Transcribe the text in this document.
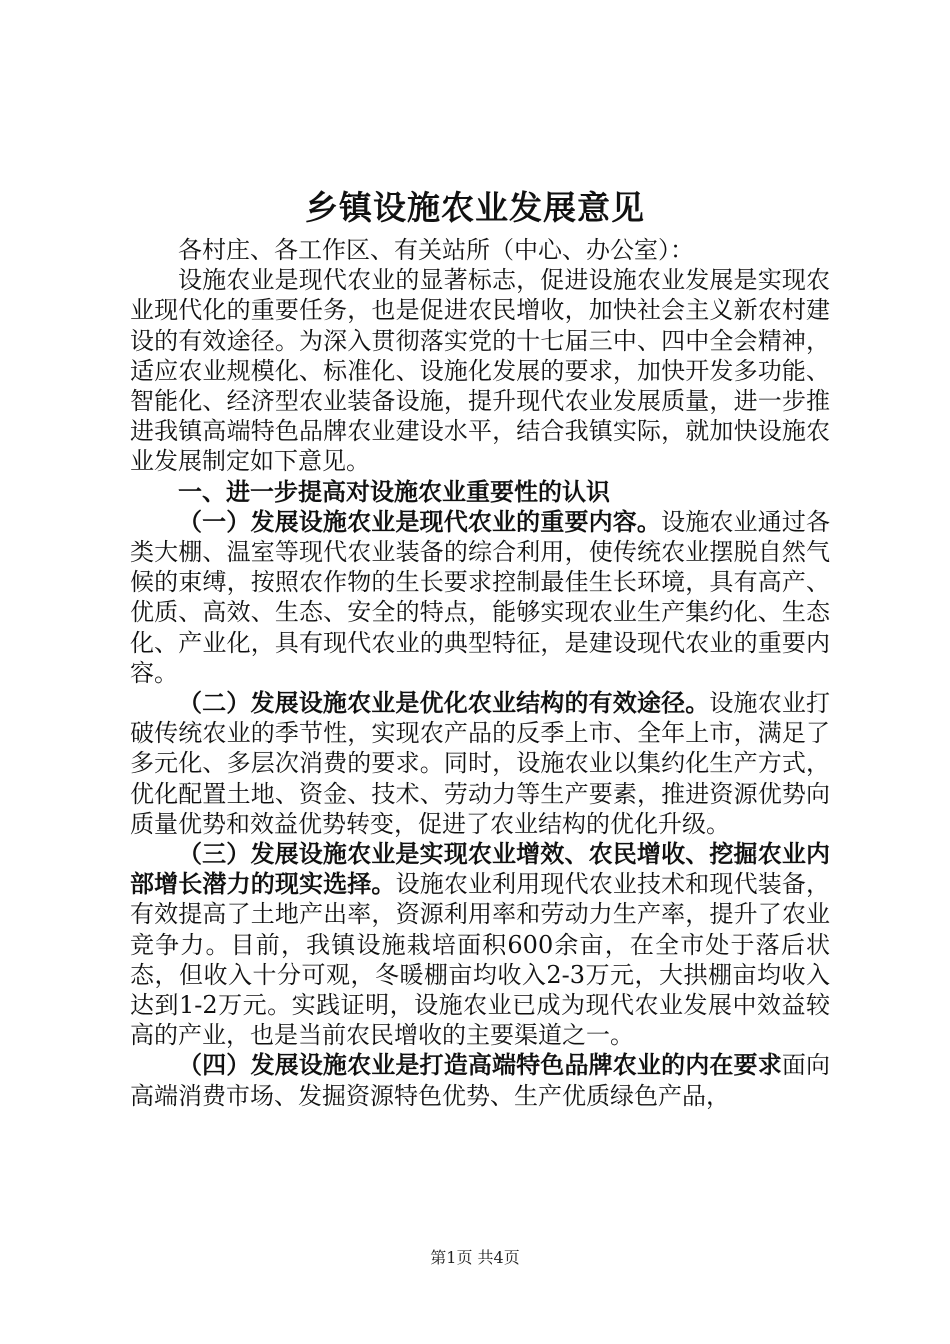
乡镇设施农业发展意见

各村庄、各工作区、有关站所（中心、办公室）：

设施农业是现代农业的显著标志，促进设施农业发展是实现农业现代化的重要任务，也是促进农民增收，加快社会主义新农村建设的有效途径。为深入贯彻落实党的十七届三中、四中全会精神，适应农业规模化、标准化、设施化发展的要求，加快开发多功能、智能化、经济型农业装备设施，提升现代农业发展质量，进一步推进我镇高端特色品牌农业建设水平，结合我镇实际，就加快设施农业发展制定如下意见。

一、进一步提高对设施农业重要性的认识

（一）发展设施农业是现代农业的重要内容。设施农业通过各类大棚、温室等现代农业装备的综合利用，使传统农业摆脱自然气候的束缚，按照农作物的生长要求控制最佳生长环境，具有高产、优质、高效、生态、安全的特点，能够实现农业生产集约化、生态化、产业化，具有现代农业的典型特征，是建设现代农业的重要内容。

（二）发展设施农业是优化农业结构的有效途径。设施农业打破传统农业的季节性，实现农产品的反季上市、全年上市，满足了多元化、多层次消费的要求。同时，设施农业以集约化生产方式，优化配置土地、资金、技术、劳动力等生产要素，推进资源优势向质量优势和效益优势转变，促进了农业结构的优化升级。

（三）发展设施农业是实现农业增效、农民增收、挖掘农业内部增长潜力的现实选择。设施农业利用现代农业技术和现代装备，有效提高了土地产出率，资源利用率和劳动力生产率，提升了农业竞争力。目前，我镇设施栽培面积600余亩，在全市处于落后状态，但收入十分可观，冬暖棚亩均收入2-3万元，大拱棚亩均收入达到1-2万元。实践证明，设施农业已成为现代农业发展中效益较高的产业，也是当前农民增收的主要渠道之一。

（四）发展设施农业是打造高端特色品牌农业的内在要求面向高端消费市场、发掘资源特色优势、生产优质绿色产品，

第1页 共4页
